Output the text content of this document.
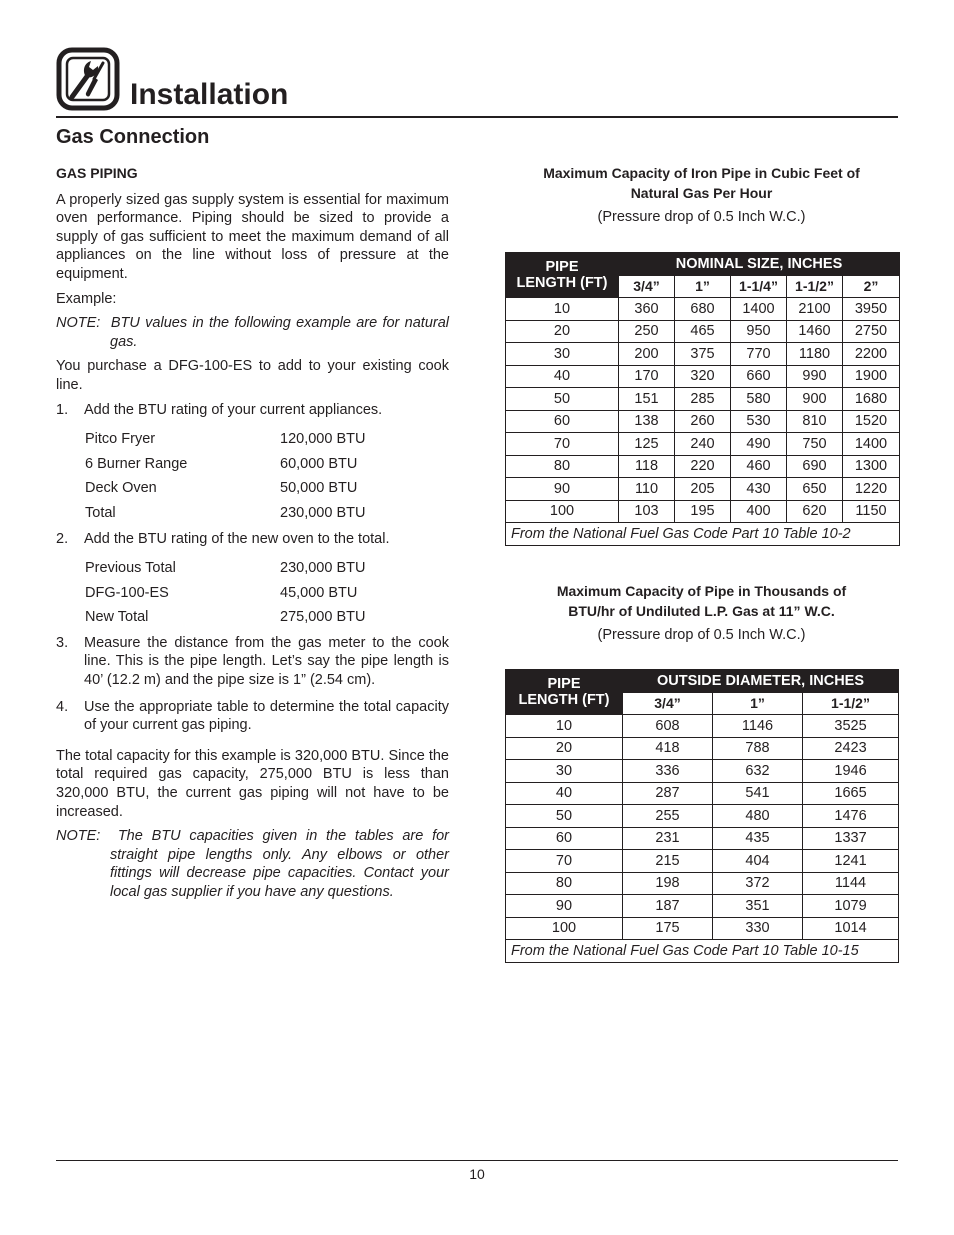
Installation
Gas Connection

GAS PIPING

A properly sized gas supply system is essential for maximum oven performance. Piping should be sized to provide a supply of gas sufficient to meet the maximum demand of all appliances on the line without loss of pressure at the equipment.

Example:

NOTE: BTU values in the following example are for natural gas.

You purchase a DFG-100-ES to add to your existing cook line.

1.	Add the BTU rating of your current appliances.
Pitco Fryer	120,000 BTU
6 Burner Range	60,000 BTU
Deck Oven	50,000 BTU
Total	230,000 BTU
2.	Add the BTU rating of the new oven to the total.
Previous Total	230,000 BTU
DFG-100-ES	45,000 BTU
New Total	275,000 BTU
3.	Measure the distance from the gas meter to the cook line. This is the pipe length. Let’s say the pipe length is 40’ (12.2 m) and the pipe size is 1” (2.54 cm).
4.	Use the appropriate table to determine the total capacity of your current gas piping.

The total capacity for this example is 320,000 BTU. Since the total required gas capacity, 275,000 BTU is less than 320,000 BTU, the current gas piping will not have to be increased.

NOTE: The BTU capacities given in the tables are for straight pipe lengths only. Any elbows or other fittings will decrease pipe capacities. Contact your local gas supplier if you have any questions.

Maximum Capacity of Iron Pipe in Cubic Feet of
Natural Gas Per Hour
(Pressure drop of 0.5 Inch W.C.)
PIPE
LENGTH (FT)	NOMINAL SIZE, INCHES				
	3/4”	1”	1-1/4”	1-1/2”	2”
10	360	680	1400	2100	3950
20	250	465	950	1460	2750
30	200	375	770	1180	2200
40	170	320	660	990	1900
50	151	285	580	900	1680
60	138	260	530	810	1520
70	125	240	490	750	1400
80	118	220	460	690	1300
90	110	205	430	650	1220
100	103	195	400	620	1150
From the National Fuel Gas Code Part 10 Table 10-2					
Maximum Capacity of Pipe in Thousands of
BTU/hr of Undiluted L.P. Gas at 11” W.C.
(Pressure drop of 0.5 Inch W.C.)
PIPE
LENGTH (FT)	OUTSIDE DIAMETER, INCHES		
	3/4”	1”	1-1/2”
10	608	1146	3525
20	418	788	2423
30	336	632	1946
40	287	541	1665
50	255	480	1476
60	231	435	1337
70	215	404	1241
80	198	372	1144
90	187	351	1079
100	175	330	1014
From the National Fuel Gas Code Part 10 Table 10-15			
10
